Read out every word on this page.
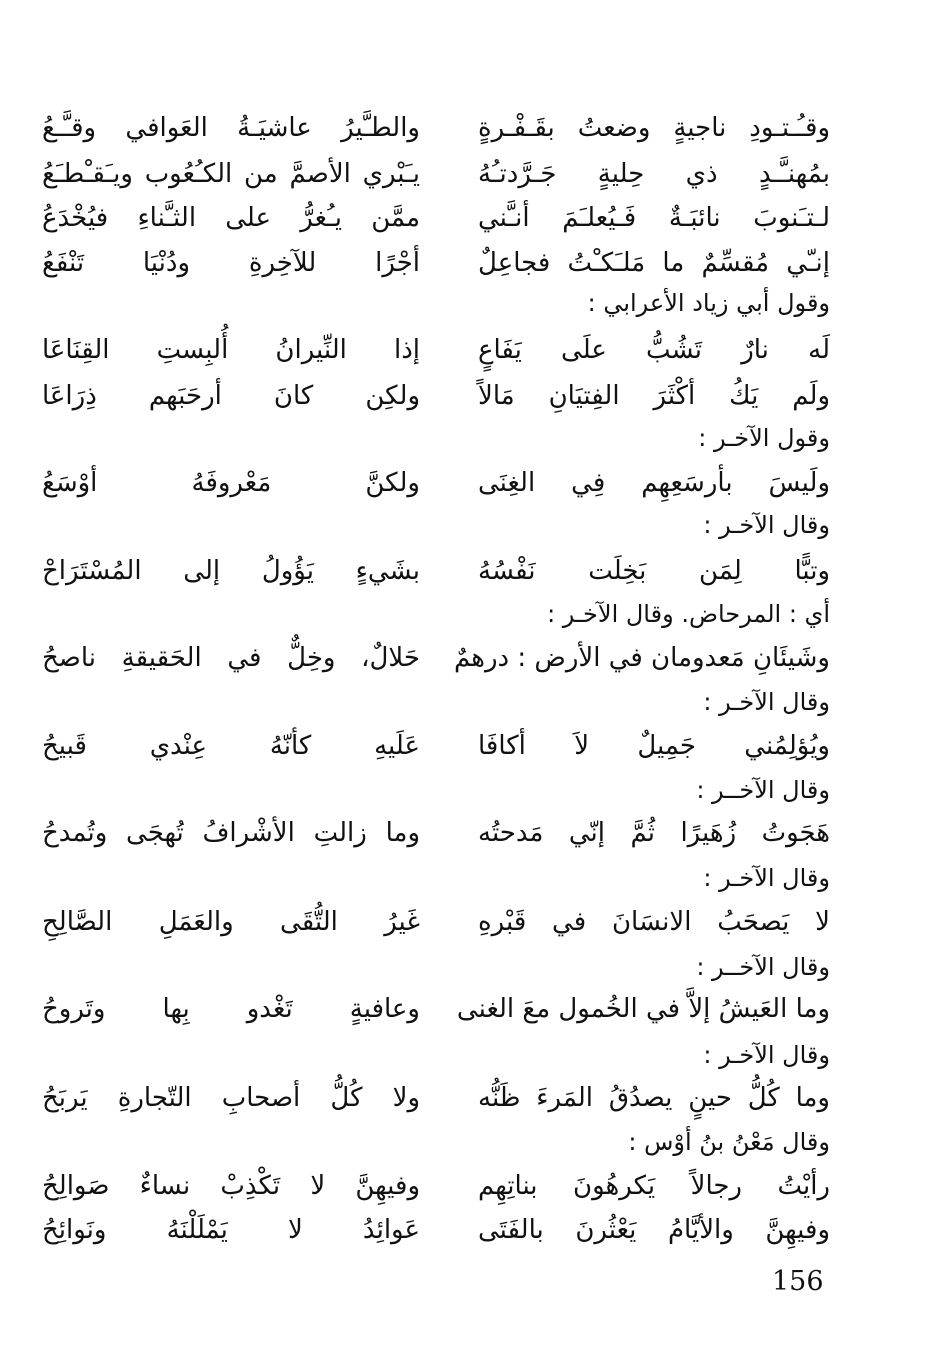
وقـُـتـودِ ناجيةٍ وضعتُ بقَـفْـرةٍ
والطـَّيرُ عاشيَـةُ العَوافي وقـَّـعُ
بمُهنـَّـدٍ ذي حِليةٍ جَـرَّدتـُهُ
يـَبْري الأصمَّ من الكـُعُوب ويـَقـْطـَعُ
لـتـَنوبَ نائبَـةٌ فَـيُعلـَمَ أنـَّني
ممَّن يـُغرُّ على الثـَّناءِ فيُخْدَعُ
إنـّي مُقسِّمٌ ما مَلـَكـْتُ فجاعِلٌ
أجْرًا للآخِرةِ ودُنْيَا تَنْفَعُ
وقول أبي زياد الأعرابي :
لَه نارٌ تَشُبُّ علَى يَفَاعٍ
إذا النِّيرانُ أُلبِستِ القِنَاعَا
ولَم يَكُ أكْثَرَ الفِتيَانِ مَالاً
ولكِن كانَ أرحَبَهم ذِرَاعَا
وقول الآخـر :
ولَيسَ بأرسَعِهِم فِي الغِنَى
ولكنَّ مَعْروفَهُ أوْسَعُ
وقال الآخـر :
وتبًّا لِمَن بَخِلَت نَفْسُهُ
بشَيءٍ يَؤُولُ إلى المُسْتَرَاحْ
أي : المرحاض. وقال الآخـر :
وشَيئَانِ مَعدومان في الأرض : درهمٌ
حَلالٌ، وخِلٌّ في الحَقيقةِ ناصحُ
وقال الآخـر :
ويُؤلِمُني جَمِيلٌ لاَ أكافَا
عَلَيهِ كأنّهُ عِنْدي قَبيحُ
وقال الآخــر :
هَجَوتُ زُهَيرًا ثُمَّ إنّي مَدحتُه
وما زالتِ الأشْرافُ تُهجَى وتُمدحُ
وقال الآخـر :
لا يَصحَبُ الانسَانَ في قَبْرهِ
غَيرُ التُّقَى والعَمَلِ الصَّالِحِ
وقال الآخــر :
وما العَيشُ إلاَّ في الخُمول معَ الغنى
وعافيةٍ تَغْدو بِها وتَروحُ
وقال الآخـر :
وما كُلُّ حينٍ يصدُقُ المَرءَ ظَنُّه
ولا كُلُّ أصحابِ التّجارةِ يَربَحُ
وقال مَعْنُ بنُ أوْس :
رأيْتُ رجالاً يَكرهُونَ بناتِهِم
وفيهِنَّ لا تَكْذِبْ نساءٌ صَوالِحُ
وفيهِنَّ والأيَّامُ يَعْثُرنَ بالفَتَى
عَوائِدُ لا يَمْلَلْنَهُ ونَوائِحُ
156
